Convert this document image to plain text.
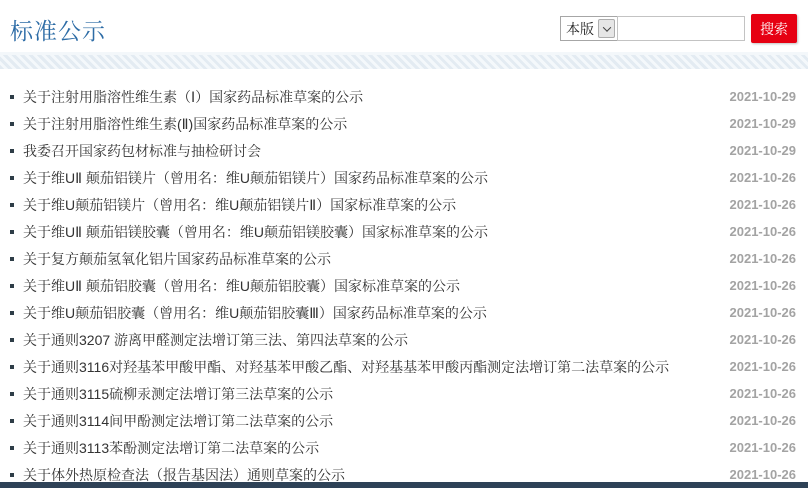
标准公示	本版	搜索
关于注射用脂溶性维生素（Ⅰ）国家药品标准草案的公示	2021-10-29
关于注射用脂溶性维生素(Ⅱ)国家药品标准草案的公示	2021-10-29
我委召开国家药包材标准与抽检研讨会	2021-10-29
关于维UⅡ 颠茄铝镁片（曾用名：维U颠茄铝镁片）国家药品标准草案的公示	2021-10-26
关于维U颠茄铝镁片（曾用名：维U颠茄铝镁片Ⅱ）国家标准草案的公示	2021-10-26
关于维UⅡ 颠茄铝镁胶囊（曾用名：维U颠茄铝镁胶囊）国家标准草案的公示	2021-10-26
关于复方颠茄氢氧化铝片国家药品标准草案的公示	2021-10-26
关于维UⅡ 颠茄铝胶囊（曾用名：维U颠茄铝胶囊）国家标准草案的公示	2021-10-26
关于维U颠茄铝胶囊（曾用名：维U颠茄铝胶囊Ⅲ）国家药品标准草案的公示	2021-10-26
关于通则3207 游离甲醛测定法增订第三法、第四法草案的公示	2021-10-26
关于通则3116对羟基苯甲酸甲酯、对羟基苯甲酸乙酯、对羟基基苯甲酸丙酯测定法增订第二法草案的公示	2021-10-26
关于通则3115硫柳汞测定法增订第三法草案的公示	2021-10-26
关于通则3114间甲酚测定法增订第二法草案的公示	2021-10-26
关于通则3113苯酚测定法增订第二法草案的公示	2021-10-26
关于体外热原检查法（报告基因法）通则草案的公示	2021-10-26
